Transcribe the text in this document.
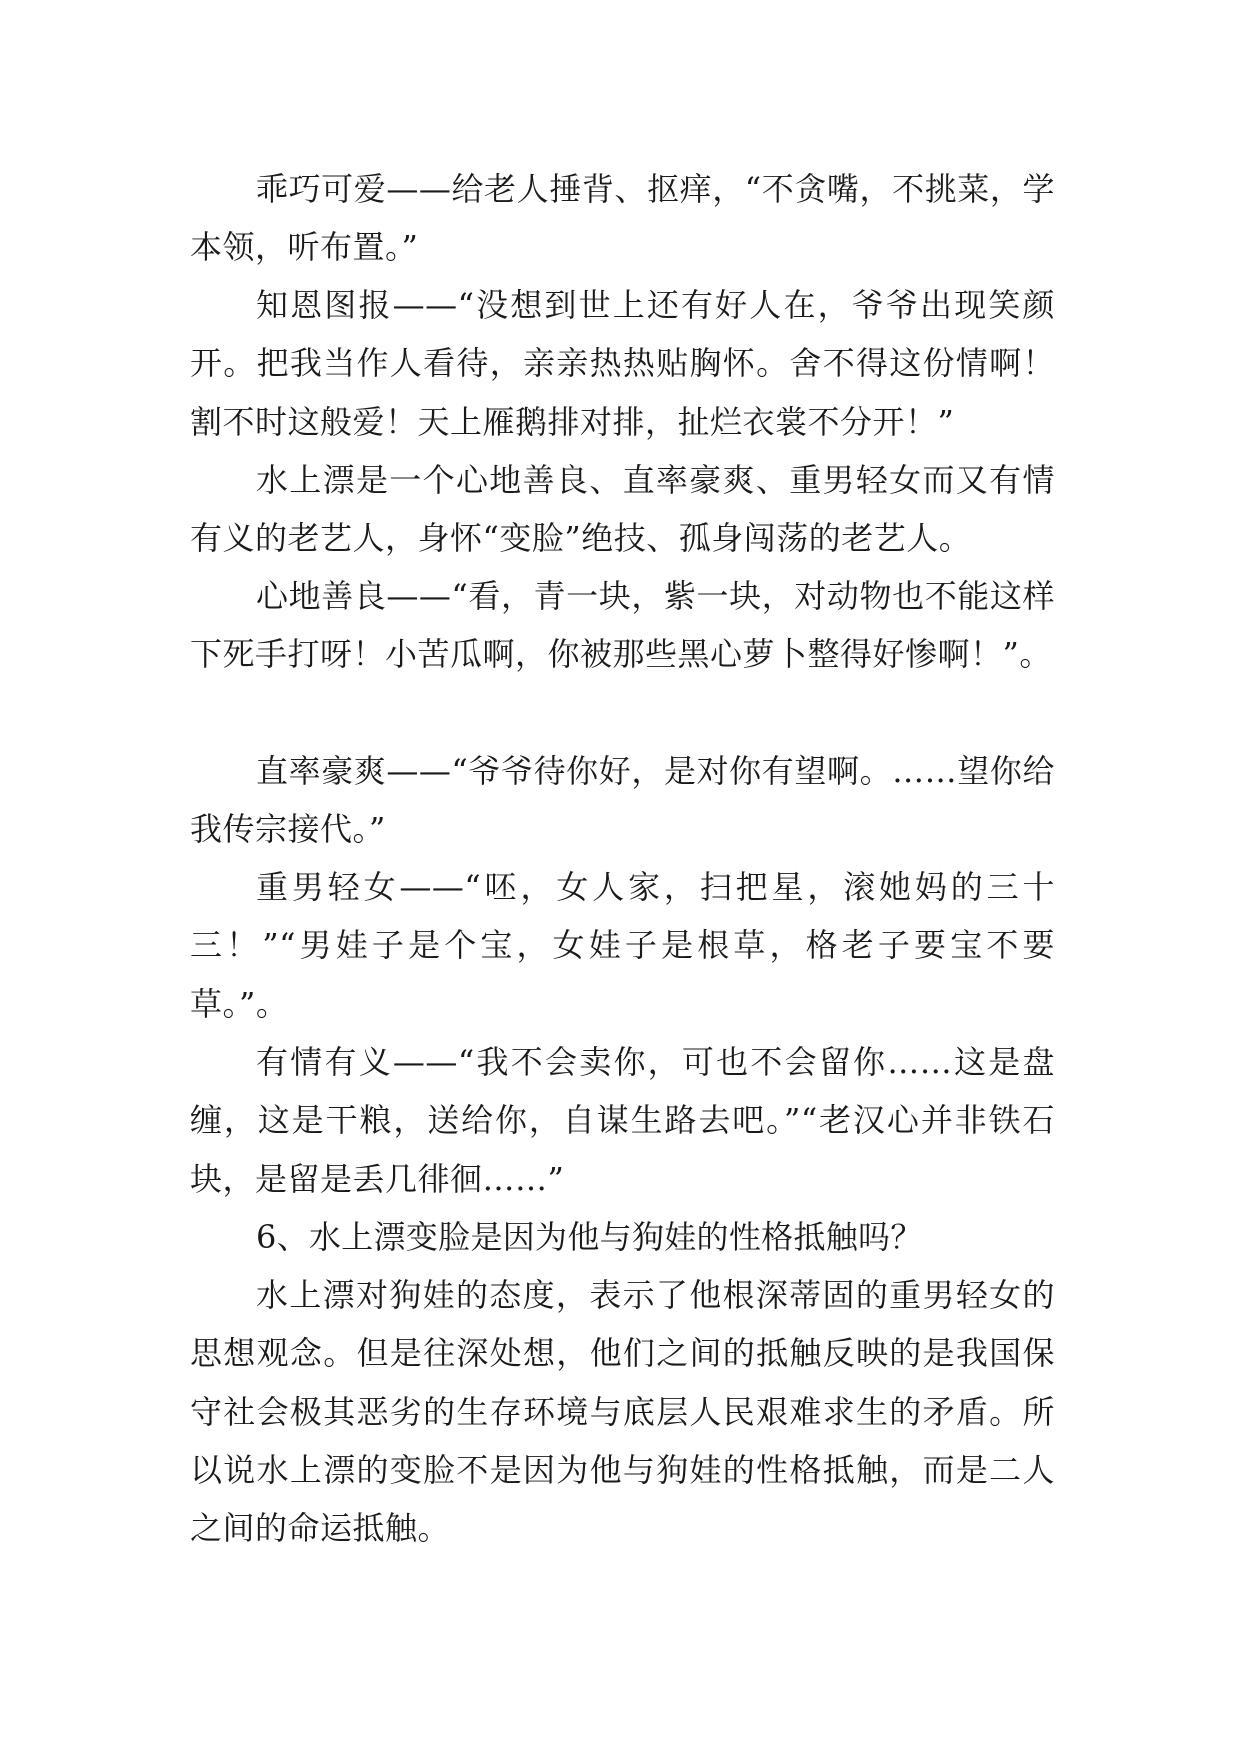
乖巧可爱——给老人捶背、抠痒，“不贪嘴，不挑菜，学本领，听布置。”

知恩图报——“没想到世上还有好人在，爷爷出现笑颜开。把我当作人看待，亲亲热热贴胸怀。舍不得这份情啊！割不时这般爱！天上雁鹅排对排，扯烂衣裳不分开！”

水上漂是一个心地善良、直率豪爽、重男轻女而又有情有义的老艺人，身怀“变脸”绝技、孤身闯荡的老艺人。

心地善良——“看，青一块，紫一块，对动物也不能这样下死手打呀！小苦瓜啊，你被那些黑心萝卜整得好惨啊！”。

直率豪爽——“爷爷待你好，是对你有望啊。……望你给我传宗接代。”

重男轻女——“呸，女人家，扫把星，滚她妈的三十三！”“男娃子是个宝，女娃子是根草，格老子要宝不要草。”。

有情有义——“我不会卖你，可也不会留你……这是盘缠，这是干粮，送给你，自谋生路去吧。”“老汉心并非铁石块，是留是丢几徘徊……”

6、水上漂变脸是因为他与狗娃的性格抵触吗？

水上漂对狗娃的态度，表示了他根深蒂固的重男轻女的思想观念。但是往深处想，他们之间的抵触反映的是我国保守社会极其恶劣的生存环境与底层人民艰难求生的矛盾。所以说水上漂的变脸不是因为他与狗娃的性格抵触，而是二人之间的命运抵触。
